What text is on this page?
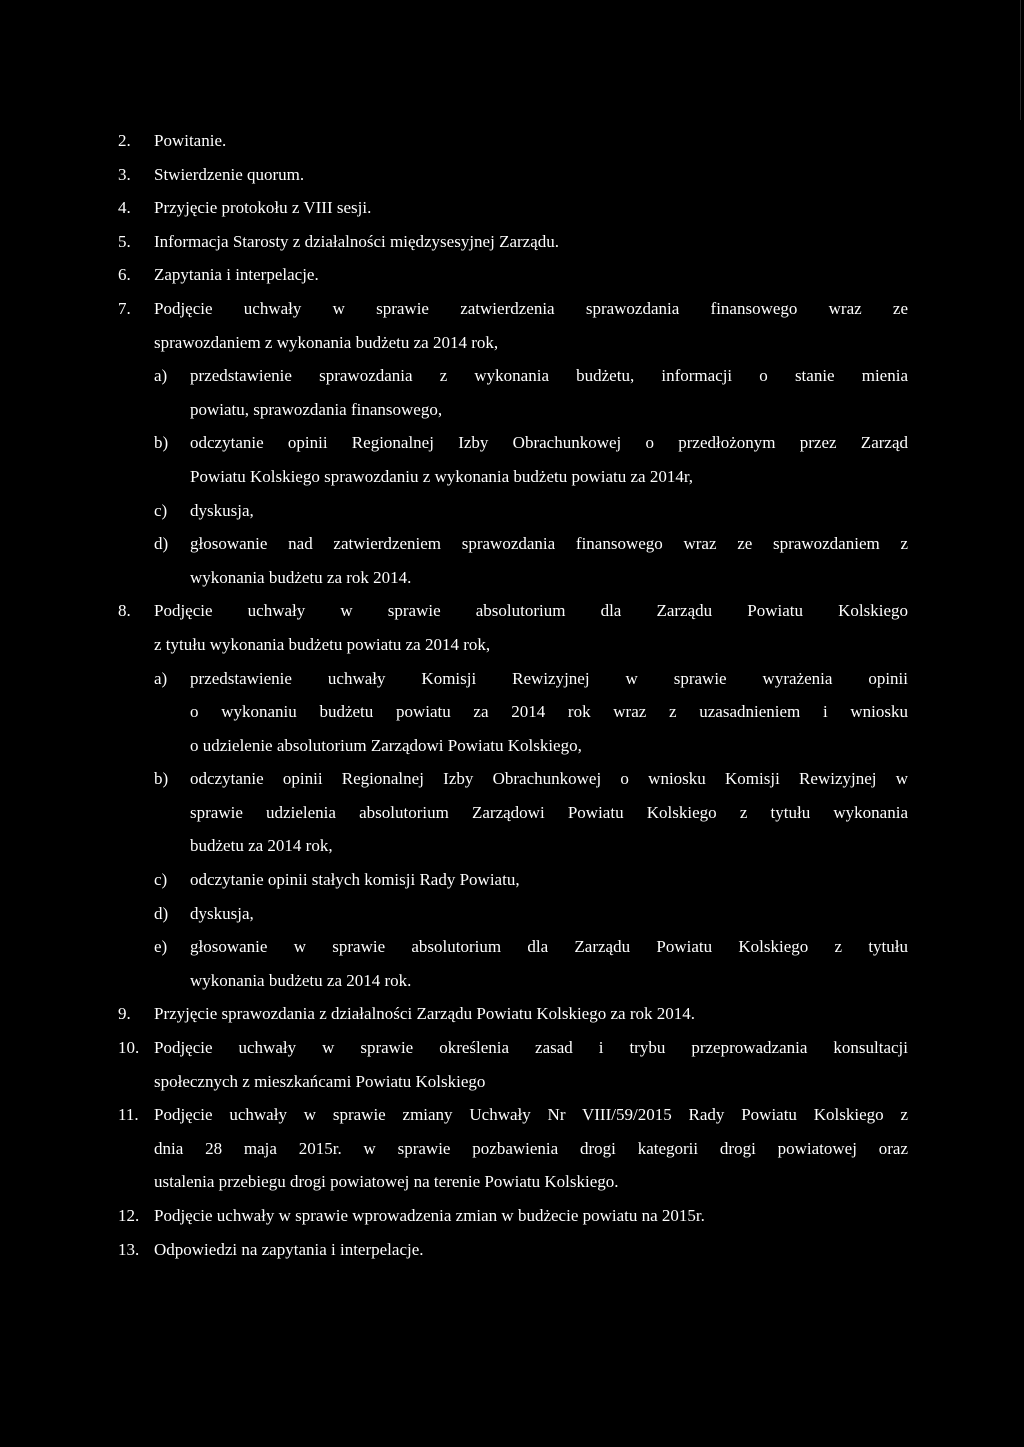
2.	Powitanie.
3.	Stwierdzenie quorum.
4.	Przyjęcie protokołu z VIII sesji.
5.	Informacja Starosty z działalności międzysesyjnej Zarządu.
6.	Zapytania i interpelacje.
7.	Podjęcie uchwały w sprawie zatwierdzenia sprawozdania finansowego wraz ze
sprawozdaniem z wykonania budżetu za 2014 rok,
a)	przedstawienie sprawozdania z wykonania budżetu, informacji o stanie mienia
powiatu, sprawozdania finansowego,
b)	odczytanie opinii Regionalnej Izby Obrachunkowej o przedłożonym przez Zarząd
Powiatu Kolskiego sprawozdaniu z wykonania budżetu powiatu za 2014r,
c)	dyskusja,
d)	głosowanie nad zatwierdzeniem sprawozdania finansowego wraz ze sprawozdaniem z
wykonania budżetu za rok 2014.
8.	Podjęcie uchwały w sprawie absolutorium dla Zarządu Powiatu Kolskiego
z tytułu wykonania budżetu powiatu za 2014 rok,
a)	przedstawienie uchwały Komisji Rewizyjnej w sprawie wyrażenia opinii
o wykonaniu budżetu powiatu za 2014 rok wraz z uzasadnieniem i wniosku
o udzielenie absolutorium Zarządowi Powiatu Kolskiego,
b)	odczytanie opinii Regionalnej Izby Obrachunkowej o wniosku Komisji Rewizyjnej w
sprawie udzielenia absolutorium Zarządowi Powiatu Kolskiego z tytułu wykonania
budżetu za 2014 rok,
c)	odczytanie opinii stałych komisji Rady Powiatu,
d)	dyskusja,
e)	głosowanie w sprawie absolutorium dla Zarządu Powiatu Kolskiego z tytułu
wykonania budżetu za 2014 rok.
9.	Przyjęcie sprawozdania z działalności Zarządu Powiatu Kolskiego za rok 2014.
10. Podjęcie uchwały w sprawie określenia zasad i trybu przeprowadzania konsultacji
społecznych z mieszkańcami Powiatu Kolskiego
11. Podjęcie uchwały w sprawie zmiany Uchwały Nr VIII/59/2015 Rady Powiatu Kolskiego z
dnia 28 maja 2015r. w sprawie pozbawienia drogi kategorii drogi powiatowej oraz
ustalenia przebiegu drogi powiatowej na terenie Powiatu Kolskiego.
12. Podjęcie uchwały w sprawie wprowadzenia zmian w budżecie powiatu na 2015r.
13. Odpowiedzi na zapytania i interpelacje.
